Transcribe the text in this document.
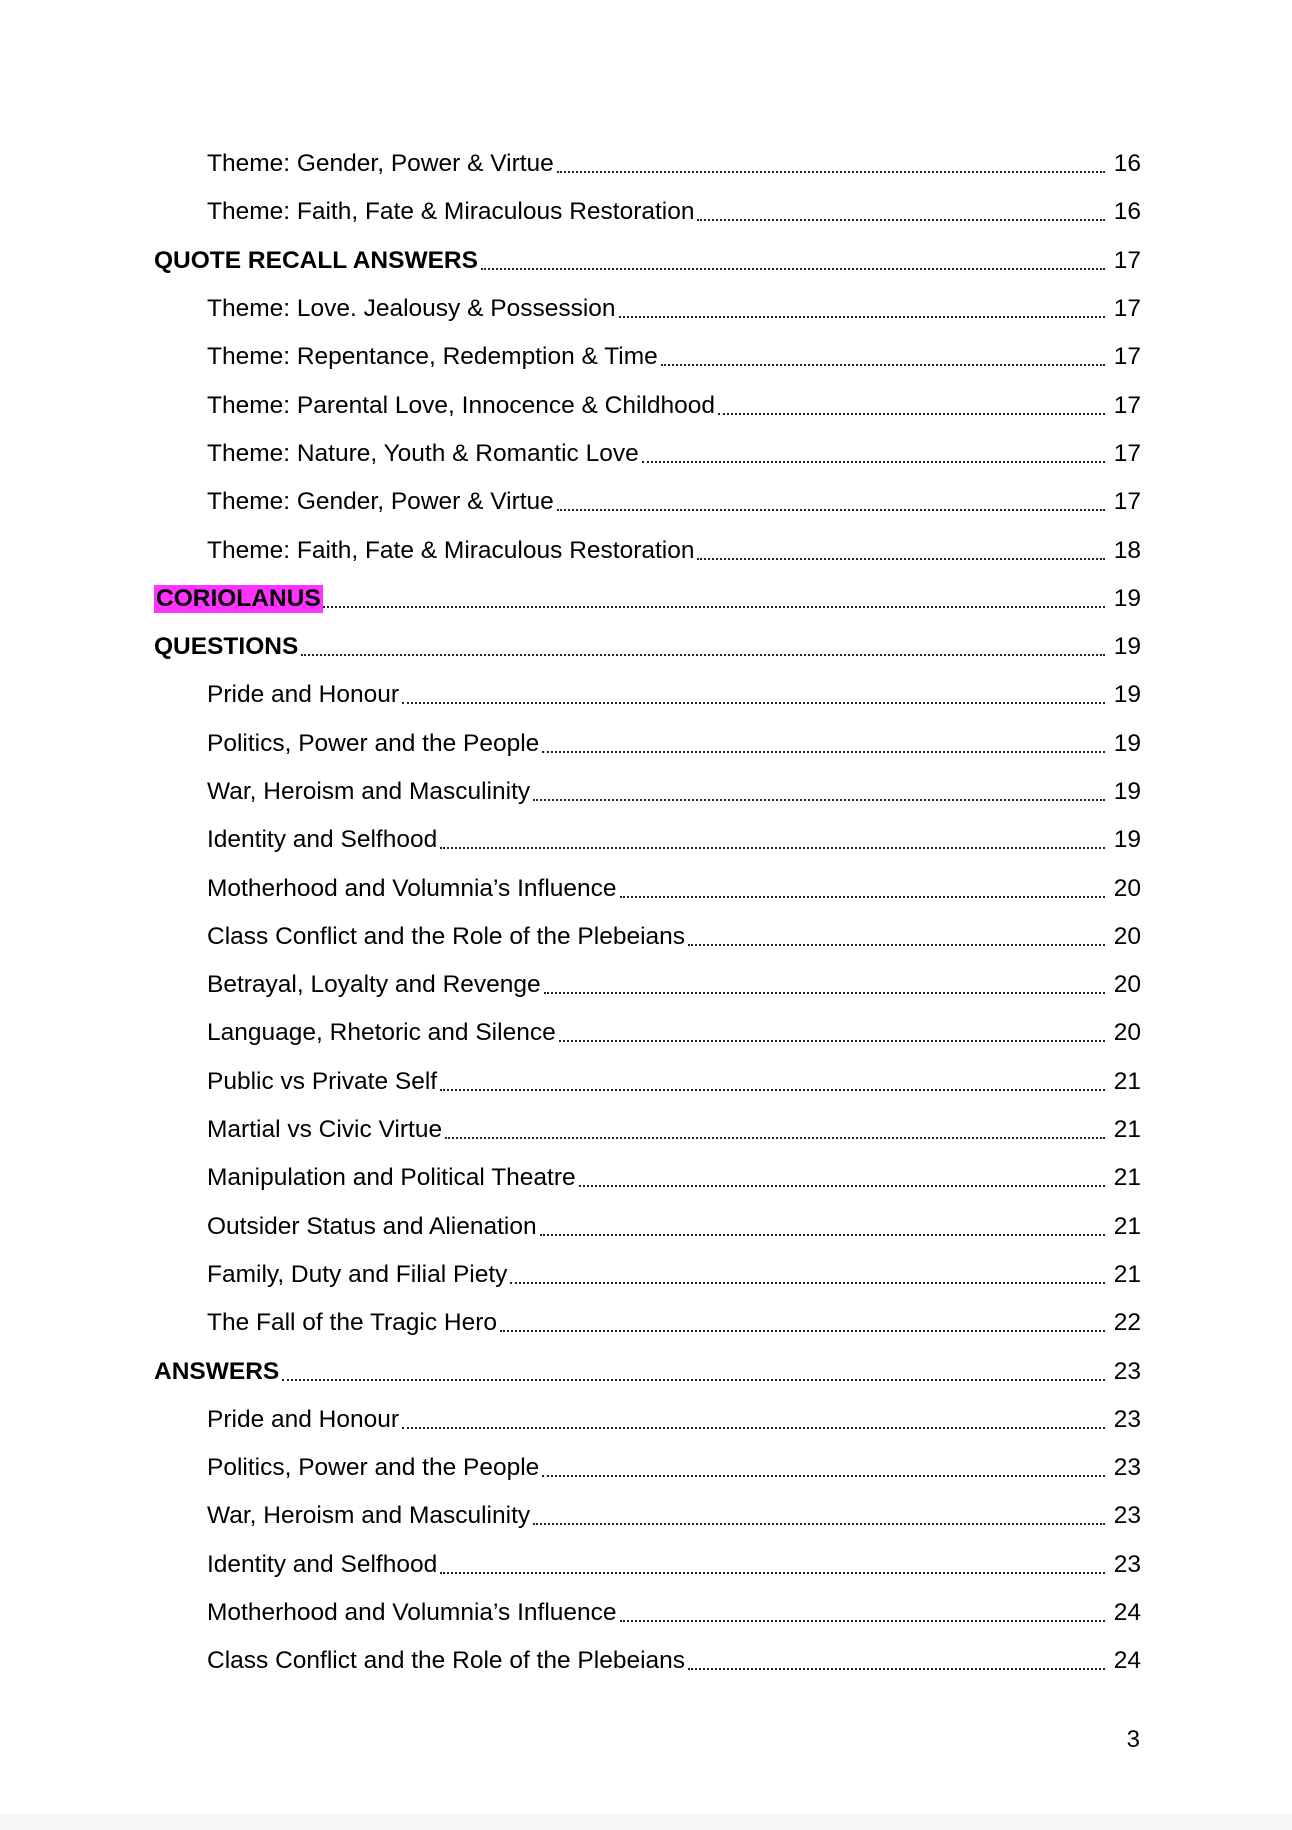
Theme: Gender, Power & Virtue	16
Theme: Faith, Fate & Miraculous Restoration	16
QUOTE RECALL ANSWERS	17
Theme: Love. Jealousy & Possession	17
Theme: Repentance, Redemption & Time	17
Theme: Parental Love, Innocence & Childhood	17
Theme: Nature, Youth & Romantic Love	17
Theme: Gender, Power & Virtue	17
Theme: Faith, Fate & Miraculous Restoration	18
CORIOLANUS	19
QUESTIONS	19
Pride and Honour	19
Politics, Power and the People	19
War, Heroism and Masculinity	19
Identity and Selfhood	19
Motherhood and Volumnia’s Influence	20
Class Conflict and the Role of the Plebeians	20
Betrayal, Loyalty and Revenge	20
Language, Rhetoric and Silence	20
Public vs Private Self	21
Martial vs Civic Virtue	21
Manipulation and Political Theatre	21
Outsider Status and Alienation	21
Family, Duty and Filial Piety	21
The Fall of the Tragic Hero	22
ANSWERS	23
Pride and Honour	23
Politics, Power and the People	23
War, Heroism and Masculinity	23
Identity and Selfhood	23
Motherhood and Volumnia’s Influence	24
Class Conflict and the Role of the Plebeians	24
3
